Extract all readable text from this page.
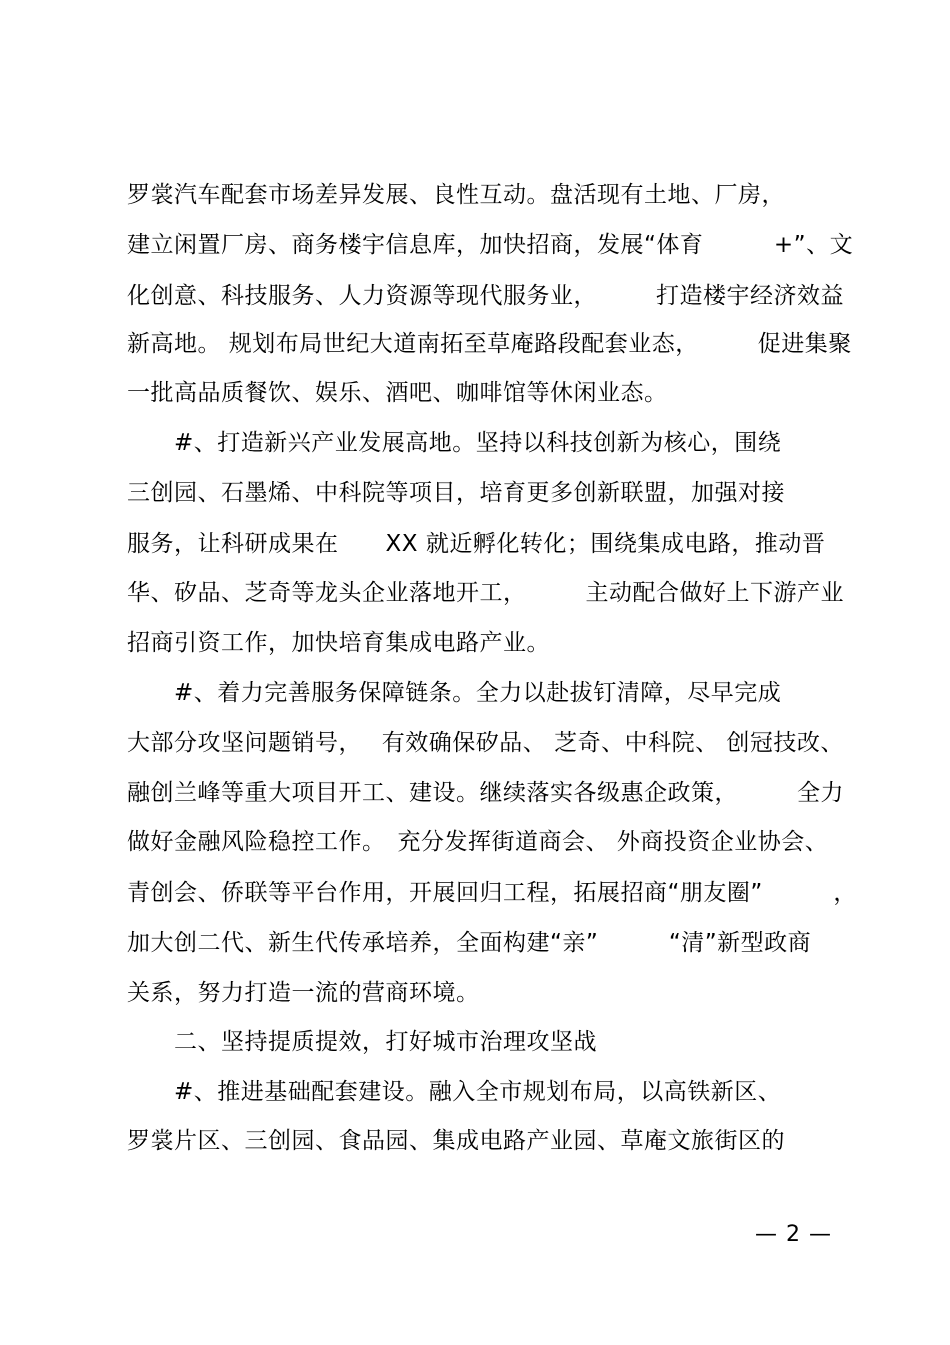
罗裳汽车配套市场差异发展、良性互动。盘活现有土地、厂房，
建立闲置厂房、商务楼宇信息库，加快招商，发展“体育　　　+”、文
化创意、科技服务、人力资源等现代服务业，　　　打造楼宇经济效益
新高地。 规划布局世纪大道南拓至草庵路段配套业态，　　　促进集聚
一批高品质餐饮、娱乐、酒吧、咖啡馆等休闲业态。
　　#、打造新兴产业发展高地。坚持以科技创新为核心，围绕
三创园、石墨烯、中科院等项目，培育更多创新联盟，加强对接
服务，让科研成果在　　XX 就近孵化转化；围绕集成电路，推动晋
华、矽品、芝奇等龙头企业落地开工，　　　主动配合做好上下游产业
招商引资工作，加快培育集成电路产业。
　　#、着力完善服务保障链条。全力以赴拔钉清障，尽早完成
大部分攻坚问题销号，　 有效确保矽品、 芝奇、中科院、 创冠技改、
融创兰峰等重大项目开工、建设。继续落实各级惠企政策，　　　全力
做好金融风险稳控工作。　充分发挥街道商会、 外商投资企业协会、
青创会、侨联等平台作用，开展回归工程，拓展招商“朋友圈”　　　，
加大创二代、新生代传承培养，全面构建“亲”　　　“清”新型政商
关系，努力打造一流的营商环境。
　　二、坚持提质提效，打好城市治理攻坚战
　　#、推进基础配套建设。融入全市规划布局，以高铁新区、
罗裳片区、三创园、食品园、集成电路产业园、草庵文旅街区的
— 2 —
